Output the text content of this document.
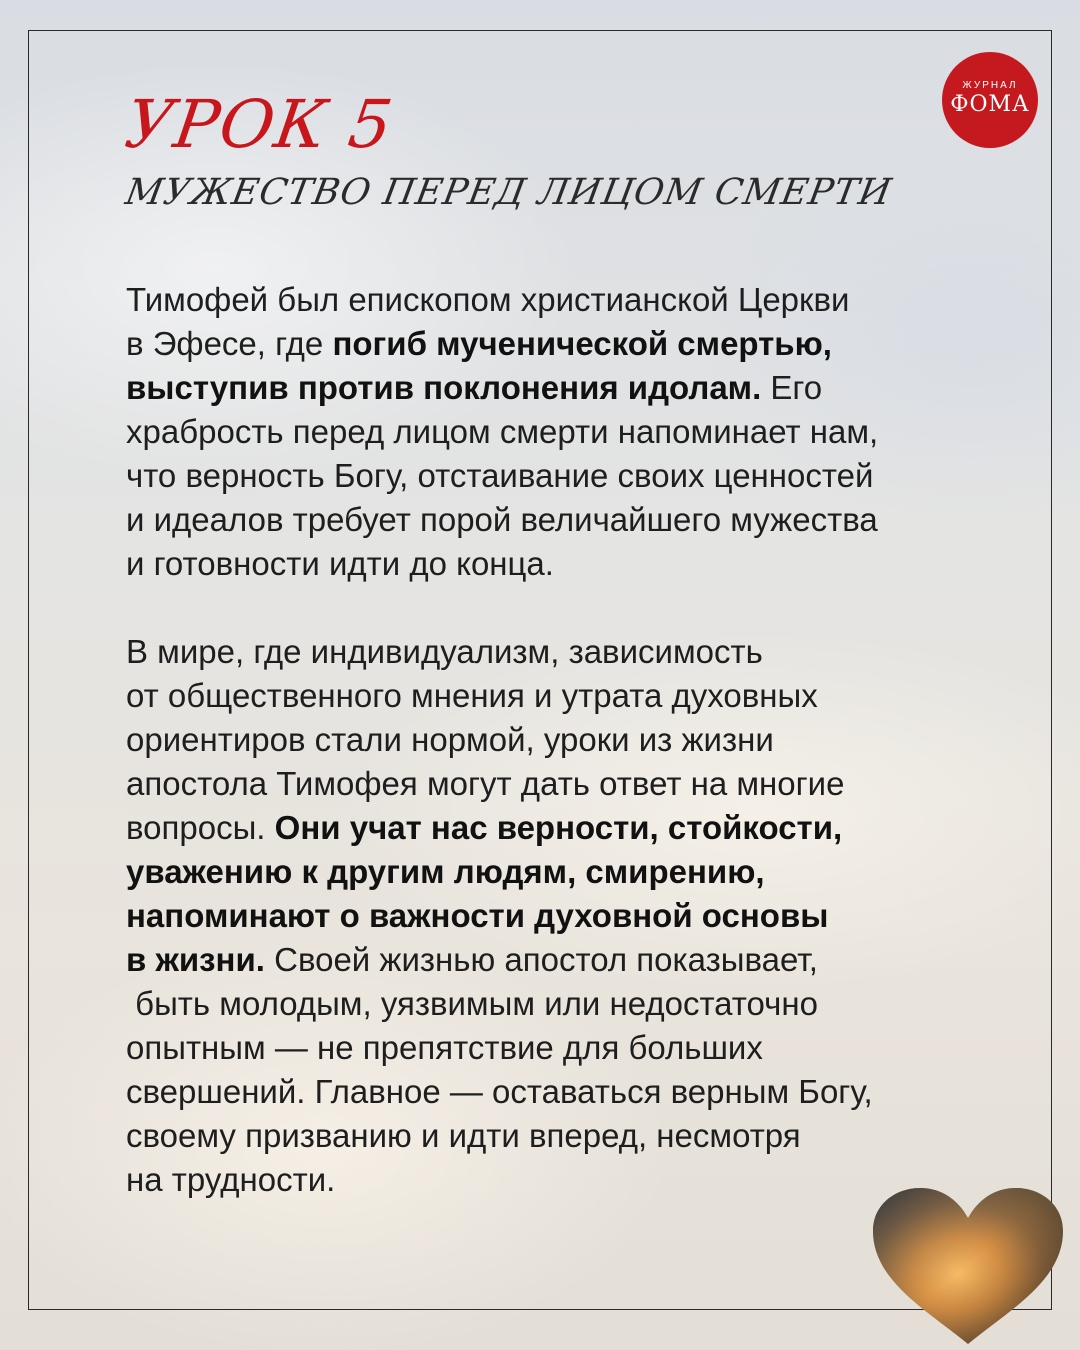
УРОК 5
МУЖЕСТВО ПЕРЕД ЛИЦОМ СМЕРТИ
ЖУРНАЛ
ФОМА

Тимофей был епископом христианской Церкви
в Эфесе, где погиб мученической смертью,
выступив против поклонения идолам. Его
храбрость перед лицом смерти напоминает нам,
что верность Богу, отстаивание своих ценностей
и идеалов требует порой величайшего мужества
и готовности идти до конца.

В мире, где индивидуализм, зависимость
от общественного мнения и утрата духовных
ориентиров стали нормой, уроки из жизни
апостола Тимофея могут дать ответ на многие
вопросы. Они учат нас верности, стойкости,
уважению к другим людям, смирению,
напоминают о важности духовной основы
в жизни. Своей жизнью апостол показывает,
быть молодым, уязвимым или недостаточно
опытным — не препятствие для больших
свершений. Главное — оставаться верным Богу,
своему призванию и идти вперед, несмотря
на трудности.
